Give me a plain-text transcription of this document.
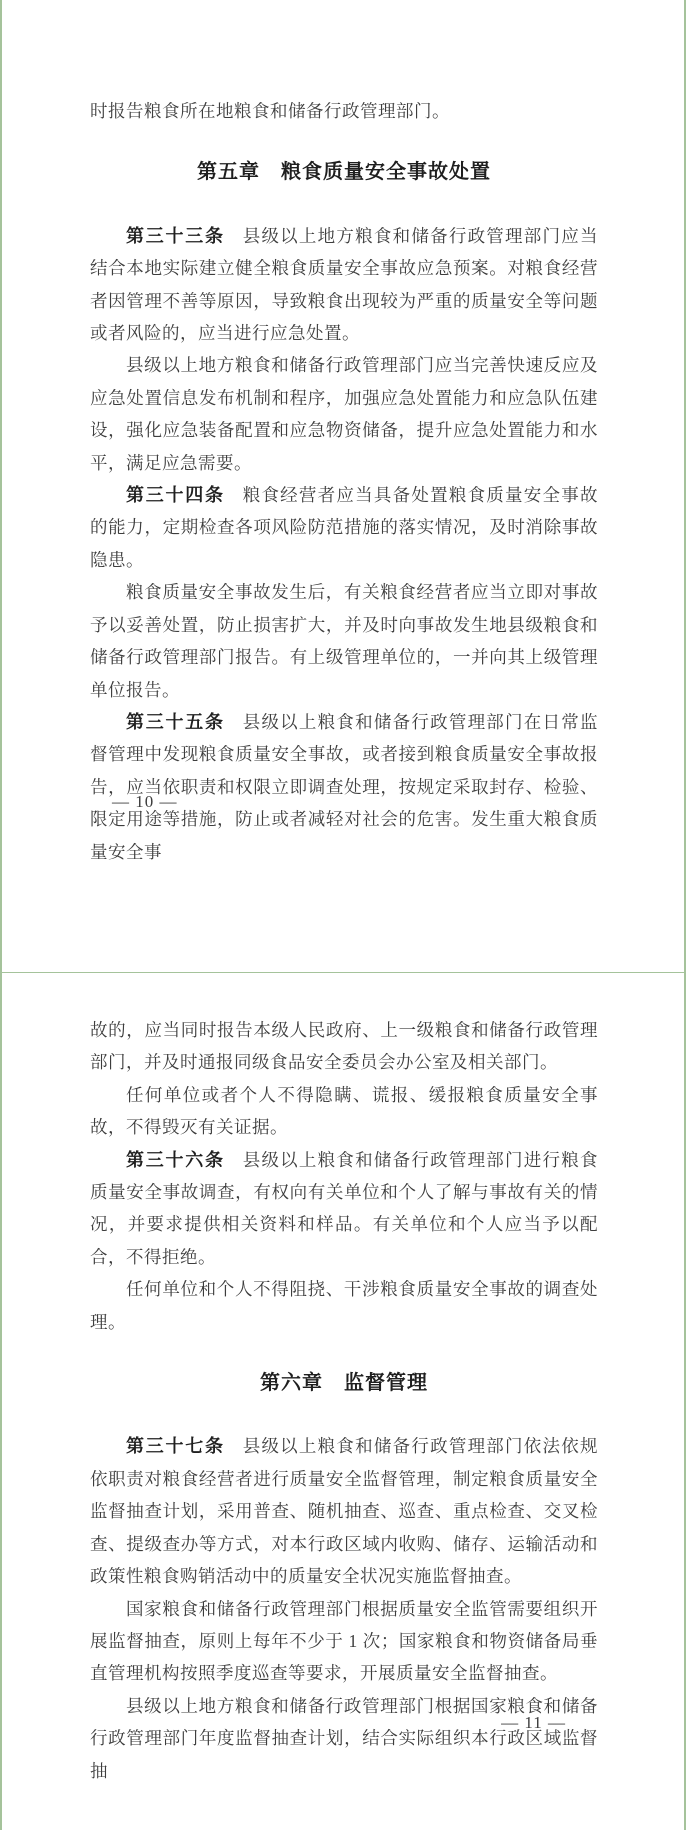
时报告粮食所在地粮食和储备行政管理部门。
第五章　粮食质量安全事故处置
第三十三条 县级以上地方粮食和储备行政管理部门应当结合本地实际建立健全粮食质量安全事故应急预案。对粮食经营者因管理不善等原因，导致粮食出现较为严重的质量安全等问题或者风险的，应当进行应急处置。
县级以上地方粮食和储备行政管理部门应当完善快速反应及应急处置信息发布机制和程序，加强应急处置能力和应急队伍建设，强化应急装备配置和应急物资储备，提升应急处置能力和水平，满足应急需要。
第三十四条 粮食经营者应当具备处置粮食质量安全事故的能力，定期检查各项风险防范措施的落实情况，及时消除事故隐患。
粮食质量安全事故发生后，有关粮食经营者应当立即对事故予以妥善处置，防止损害扩大，并及时向事故发生地县级粮食和储备行政管理部门报告。有上级管理单位的，一并向其上级管理单位报告。
第三十五条 县级以上粮食和储备行政管理部门在日常监督管理中发现粮食质量安全事故，或者接到粮食质量安全事故报告，应当依职责和权限立即调查处理，按规定采取封存、检验、限定用途等措施，防止或者减轻对社会的危害。发生重大粮食质量安全事
— 10 —
故的，应当同时报告本级人民政府、上一级粮食和储备行政管理部门，并及时通报同级食品安全委员会办公室及相关部门。
任何单位或者个人不得隐瞒、谎报、缓报粮食质量安全事故，不得毁灭有关证据。
第三十六条 县级以上粮食和储备行政管理部门进行粮食质量安全事故调查，有权向有关单位和个人了解与事故有关的情况，并要求提供相关资料和样品。有关单位和个人应当予以配合，不得拒绝。
任何单位和个人不得阻挠、干涉粮食质量安全事故的调查处理。
第六章　监督管理
第三十七条 县级以上粮食和储备行政管理部门依法依规依职责对粮食经营者进行质量安全监督管理，制定粮食质量安全监督抽查计划，采用普查、随机抽查、巡查、重点检查、交叉检查、提级查办等方式，对本行政区域内收购、储存、运输活动和政策性粮食购销活动中的质量安全状况实施监督抽查。
国家粮食和储备行政管理部门根据质量安全监管需要组织开展监督抽查，原则上每年不少于 1 次；国家粮食和物资储备局垂直管理机构按照季度巡查等要求，开展质量安全监督抽查。
县级以上地方粮食和储备行政管理部门根据国家粮食和储备行政管理部门年度监督抽查计划，结合实际组织本行政区域监督抽
— 11 —
